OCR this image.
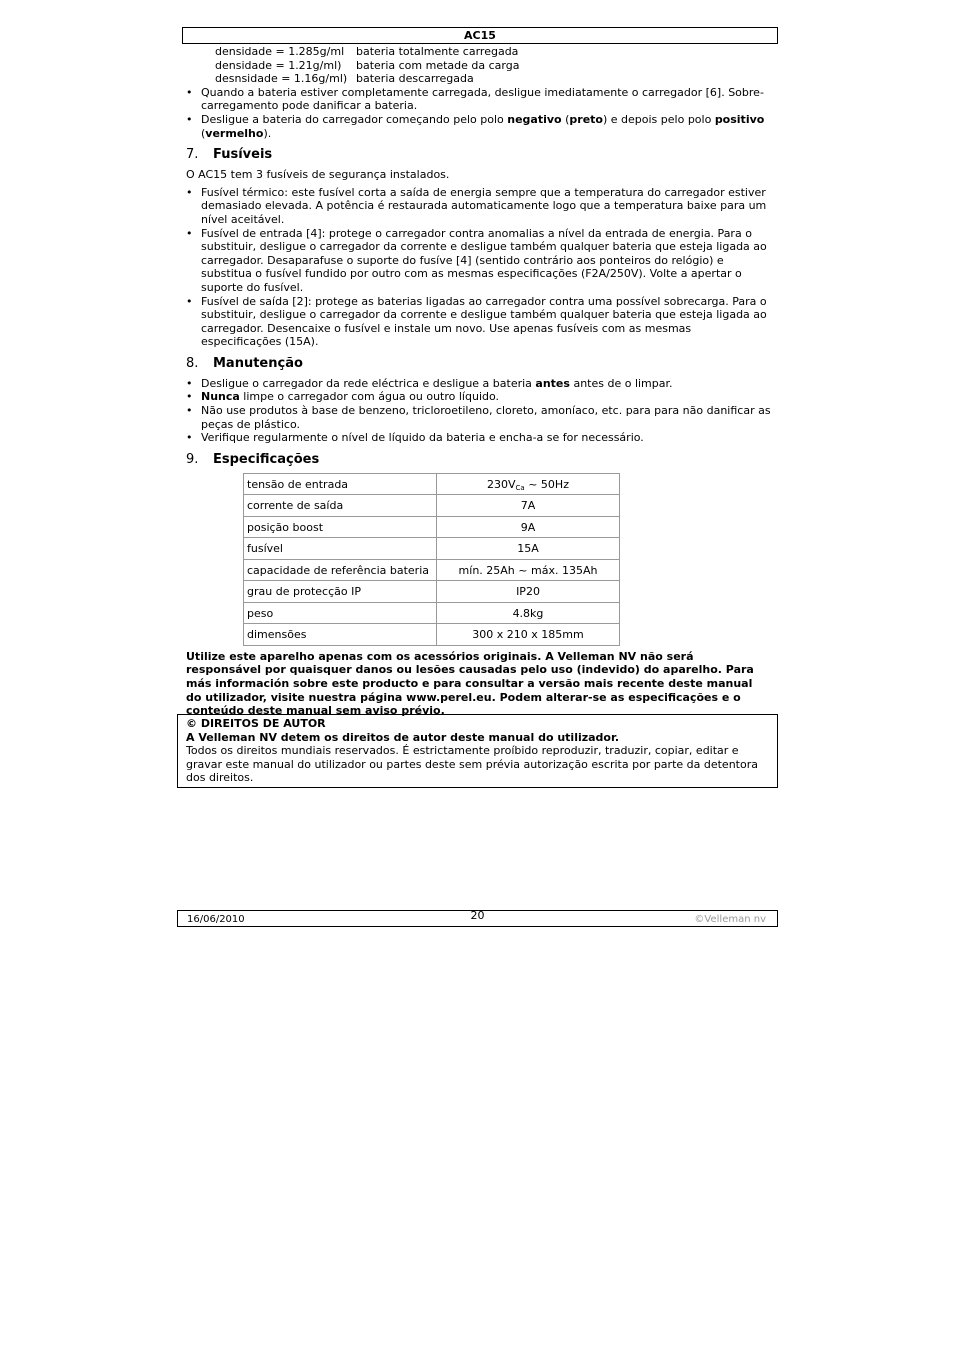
AC15
densidade = 1.285g/ml	bateria totalmente carregada
densidade = 1.21g/ml)	bateria com metade da carga
desnsidade = 1.16g/ml) bateria descarregada
• Quando a bateria estiver completamente carregada, desligue imediatamente o carregador [6]. Sobre-carregamento pode danificar a bateria.
• Desligue a bateria do carregador começando pelo polo negativo (preto) e depois pelo polo positivo (vermelho).
7. Fusíveis

O AC15 tem 3 fusíveis de segurança instalados.

• Fusível térmico: este fusível corta a saída de energia sempre que a temperatura do carregador estiver demasiado elevada. A potência é restaurada automaticamente logo que a temperatura baixe para um nível aceitável.
• Fusível de entrada [4]: protege o carregador contra anomalias a nível da entrada de energia. Para o substituir, desligue o carregador da corrente e desligue também qualquer bateria que esteja ligada ao carregador. Desaparafuse o suporte do fusíve [4] (sentido contrário aos ponteiros do relógio) e substitua o fusível fundido por outro com as mesmas especificações (F2A/250V). Volte a apertar o suporte do fusível.
• Fusível de saída [2]: protege as baterias ligadas ao carregador contra uma possível sobrecarga. Para o substituir, desligue o carregador da corrente e desligue também qualquer bateria que esteja ligada ao carregador. Desencaixe o fusível e instale um novo. Use apenas fusíveis com as mesmas especificações (15A).
8. Manutenção
• Desligue o carregador da rede eléctrica e desligue a bateria antes antes de o limpar.
• Nunca limpe o carregador com água ou outro líquido.
• Não use produtos à base de benzeno, tricloroetileno, cloreto, amoníaco, etc. para para não danificar as peças de plástico.
• Verifique regularmente o nível de líquido da bateria e encha-a se for necessário.
9. Especificações
tensão de entrada	$230V_{Ca}$ ~ 50Hz
corrente de saída	7A
posição boost	9A
fusível	15A
capacidade de referência bateria	mín. 25Ah ~ máx. 135Ah
grau de protecção IP	IP20
peso	4.8kg
dimensões	300 x 210 x 185mm

Utilize este aparelho apenas com os acessórios originais. A Velleman NV não será responsável por quaisquer danos ou lesões causadas pelo uso (indevido) do aparelho. Para más información sobre este producto e para consultar a versão mais recente deste manual do utilizador, visite nuestra página www.perel.eu. Podem alterar-se as especificações e o conteúdo deste manual sem aviso prévio.

© DIREITOS DE AUTOR
A Velleman NV detem os direitos de autor deste manual do utilizador.
Todos os direitos mundiais reservados. É estrictamente proíbido reproduzir, traduzir, copiar, editar e gravar este manual do utilizador ou partes deste sem prévia autorização escrita por parte da detentora dos direitos.
16/06/2010	20	©Velleman nv
